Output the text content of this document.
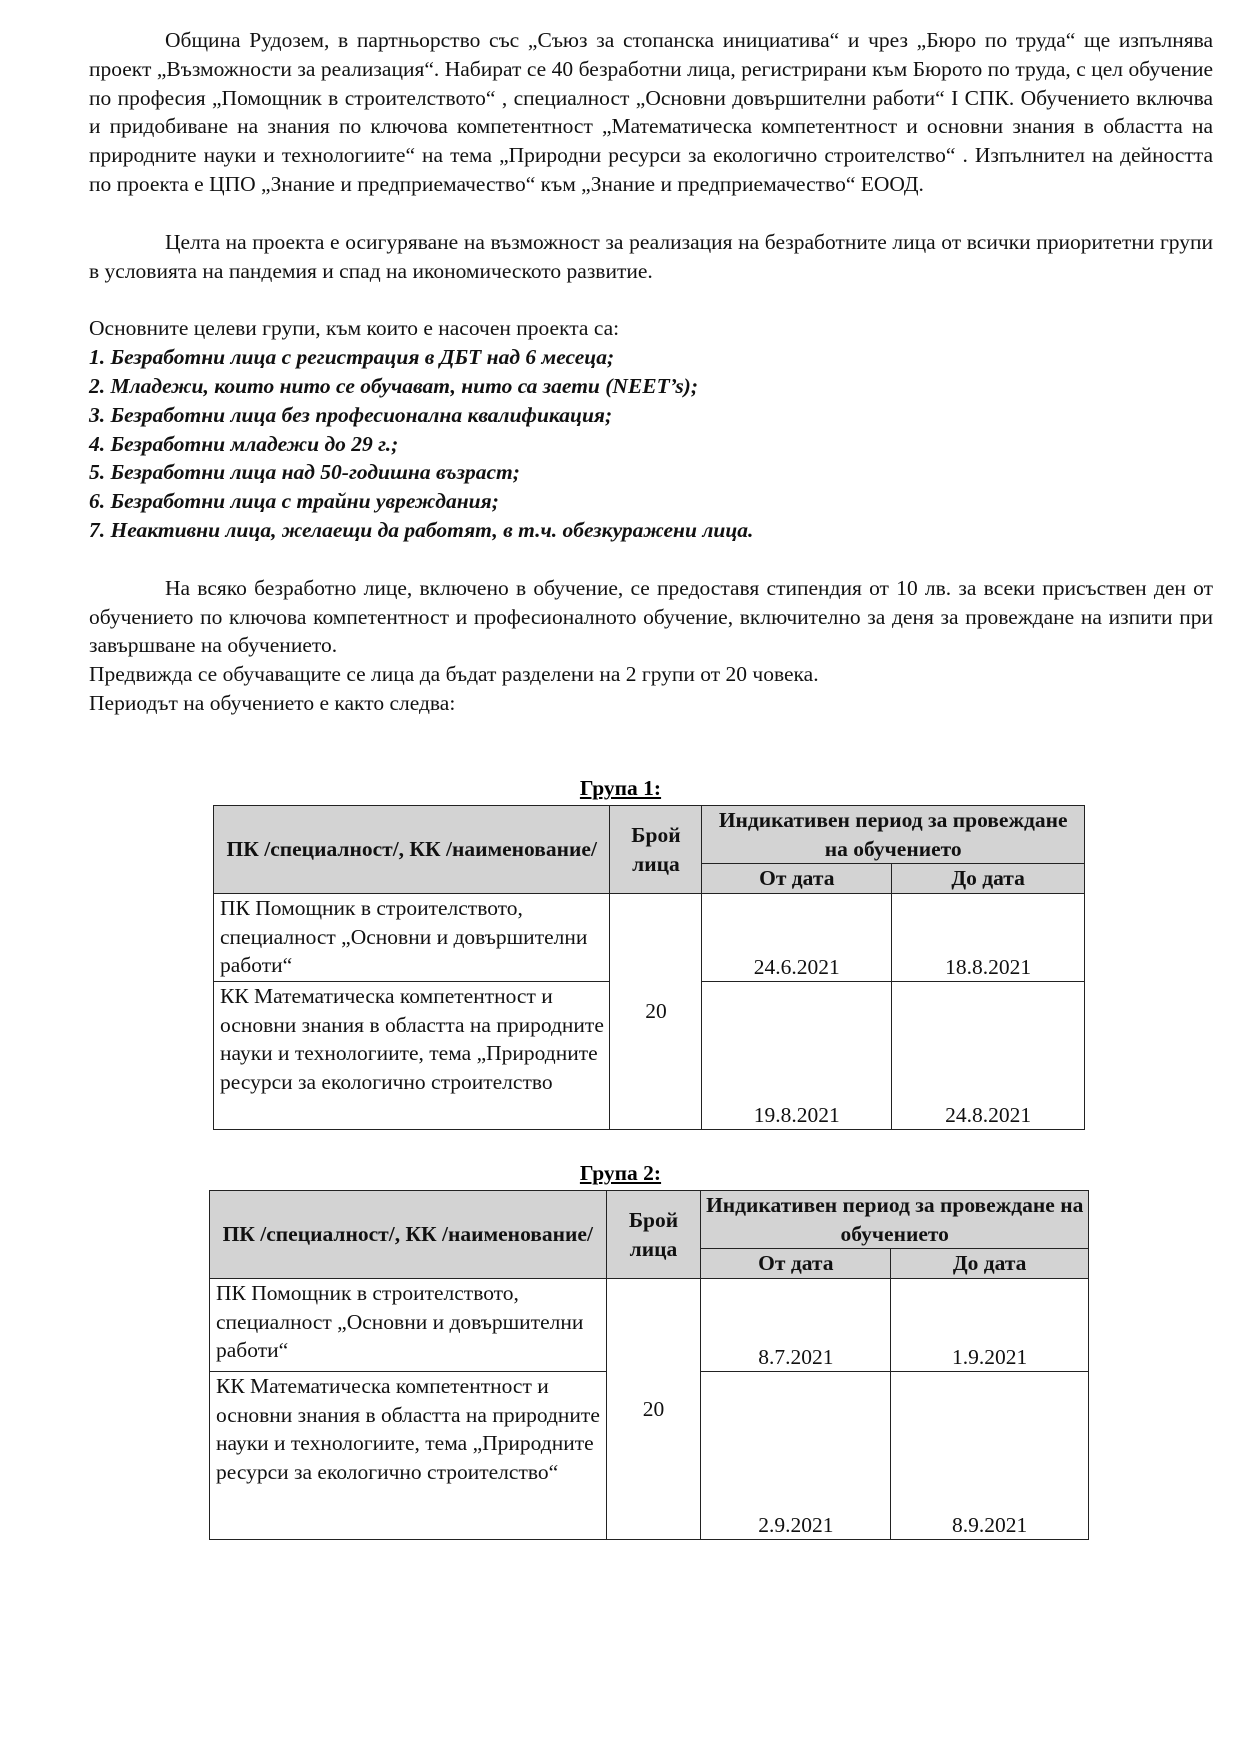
Община Рудозем, в партньорство със „Съюз за стопанска инициатива“ и чрез „Бюро по труда“ ще изпълнява проект „Възможности за реализация“. Набират се 40 безработни лица, регистрирани към Бюрото по труда, с цел обучение по професия „Помощник в строителството“ , специалност „Основни довършителни работи“ I СПК. Обучението включва и придобиване на знания по ключова компетентност „Математическа компетентност и основни знания в областта на природните науки и технологиите“ на тема „Природни ресурси за екологично строителство“ . Изпълнител на дейността по проекта е ЦПО „Знание и предприемачество“ към „Знание и предприемачество“ ЕООД.

Целта на проекта е осигуряване на възможност за реализация на безработните лица от всички приоритетни групи в условията на пандемия и спад на икономическото развитие.

Основните целеви групи, към които е насочен проекта са:

1. Безработни лица с регистрация в ДБТ над 6 месеца;
2. Младежи, които нито се обучават, нито са заети (NEET’s);
3. Безработни лица без професионална квалификация;
4. Безработни младежи до 29 г.;
5. Безработни лица над 50-годишна възраст;
6. Безработни лица с трайни увреждания;
7. Неактивни лица, желаещи да работят, в т.ч. обезкуражени лица.

На всяко безработно лице, включено в обучение, се предоставя стипендия от 10 лв. за всеки присъствен ден от обучението по ключова компетентност и професионалното обучение, включително за деня за провеждане на изпити при завършване на обучението.

Предвижда се обучаващите се лица да бъдат разделени на 2 групи от 20 човека.

Периодът на обучението е както следва:

Група 1:

ПК /специалност/, КК /наименование/	Брой лица	Индикативен период за провеждане на обучението	
		От дата	До дата
ПК Помощник в строителството, специалност „Основни и довършителни работи“	20	24.6.2021	18.8.2021
КК Математическа компетентност и основни знания в областта на природните науки и технологиите, тема „Природните ресурси за екологично строителство		19.8.2021	24.8.2021

Група 2:

ПК /специалност/, КК /наименование/	Брой лица	Индикативен период за провеждане на обучението	
		От дата	До дата
ПК Помощник в строителството, специалност „Основни и довършителни работи“	20	8.7.2021	1.9.2021
КК Математическа компетентност и основни знания в областта на природните науки и технологиите, тема „Природните ресурси за екологично строителство“		2.9.2021	8.9.2021
